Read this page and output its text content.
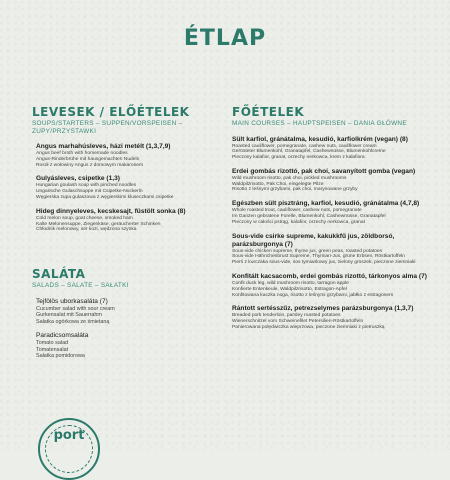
ÉTLAP
LEVESEK / ELŐÉTELEK
SOUPS/STARTERS – SUPPEN/VORSPEISEN – ZUPY/PRZYSTAWKI
Angus marhahúsleves, házi metélt (1,3,7,9)
Angus beef broth with homemade noodles
Angus-Rinderbrühe mit hausgemachten Nudeln
Rosół z wołowiny Angus z domowym makaronem
Gulyásleves, csipetke (1,3)
Hungarian goulash soup with pinched noodles
Ungarische Gulaschsuppe mit Csipetke-Nockerln
Węgierska zupa gulaszowa z węgierskimi kluseczkami csipetke
Hideg dinnyeleves, kecskesajt, füstölt sonka (8)
Cold melon soup, goat cheese, smoked ham
Kalte Melonensuppe, Ziegenkäse, geräucherter Schinken
Chłodnik melonowy, ser kozi, wędzona szynka
SALÁTA
SALADS – SALATE – SAŁATKI
Tejfölös uborkasaláta (7)
Cucumber salad with sour cream
Gurkensalat mit Sauerrahm
Sałatka ogórkowa ze śmietaną
Paradicsomsaláta
Tomato salad
Tomatensalat
Sałatka pomidorowa
FŐÉTELEK
MAIN COURSES – HAUPTSPEISEN – DANIA GŁÓWNE
Sült karfiol, gránátalma, kesudió, karfiolkrém (vegan) (8)
Roasted cauliflower, pomegranate, cashew nuts, cauliflower cream
Gerösteter Blumenkohl, Granatapfel, Cashewnüsse, Blumenkohlcreme
Pieczony kalafior, granat, orzechy nerkowca, krem z kalafiora
Erdei gombás rizottó, pak choi, savanyított gomba (vegan)
Wild mushroom risotto, pak choi, pickled mushrooms
Waldpilzrisotto, Pak Choi, eingelegte Pilze
Risotto z leśnymi grzybami, pak choi, marynowane grzyby
Egészben sült pisztráng, karfiol, kesudió, gránátalma (4,7,8)
Whole roasted trout, cauliflower, cashew nuts, pomegranate
Im Ganzen gebratene Forelle, Blumenkohl, Cashewnüsse, Granatapfel
Pieczony w całości pstrąg, kalafior, orzechy nerkowca, granat
Sous-vide csirke supreme, kakukkfű jus, zöldborsó, parázsburgonya (7)
Sous-vide chicken supreme, thyme jus, green peas, roasted potatoes
Sous-vide Hähnchenbrust Supreme, Thymian-Jus, grüne Erbsen, Röstkartoffeln
Pierś z kurczaka sous-vide, sos tymiankowy jus, zielony groszek, pieczone ziemniaki
Konfitált kacsacomb, erdei gombás rizottó, tárkonyos alma (7)
Confit duck leg, wild mushroom risotto, tarragon apple
Konfierte Entenkeule, Waldpilzrisotto, Estragon-Apfel
Konfitowana kaczka noga, risotto z leśnymi grzybami, jabłko z estragonem
Rántott sertésszűz, petrezselymes parázsburgonya (1,3,7)
Breaded pork tenderloin, parsley roasted potatoes
Wienerschnitzel vom Schweinefilet Petersilien-Röstkartoffeln
Panierowana polędwiczka wieprzowa, pieczone ziemniaki z pietruszką
port
